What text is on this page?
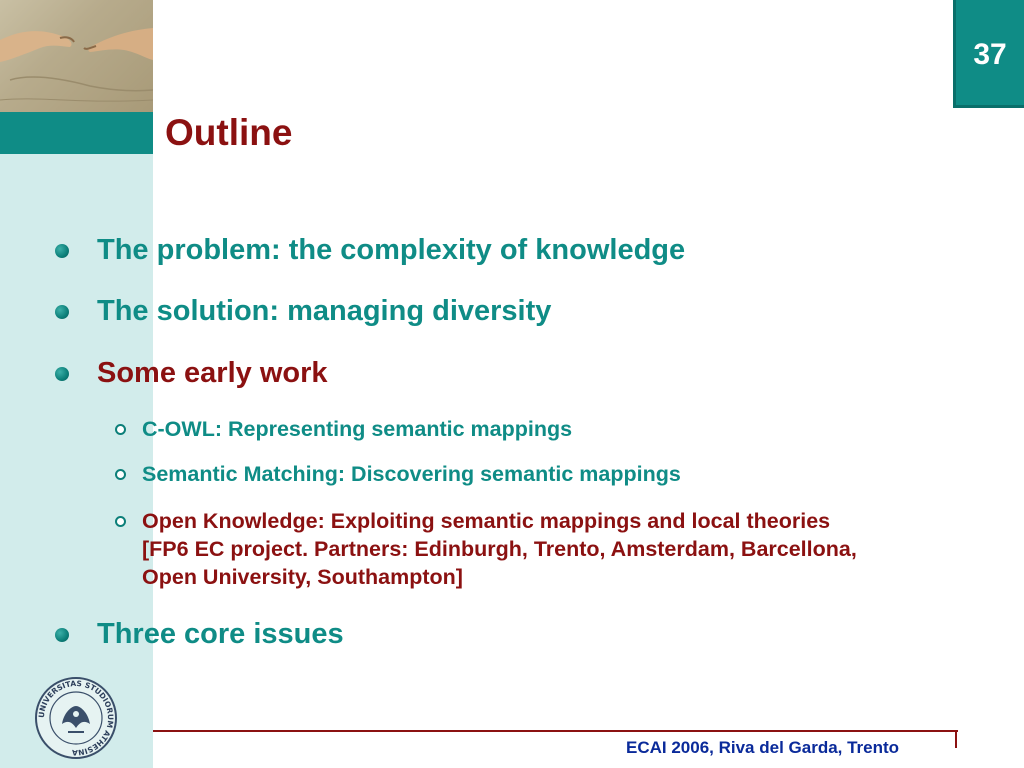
37
Outline
The problem: the complexity of knowledge
The solution: managing diversity
Some early work
C-OWL: Representing semantic mappings
Semantic Matching: Discovering semantic mappings
Open Knowledge: Exploiting semantic mappings and local theories [FP6 EC project. Partners: Edinburgh, Trento, Amsterdam, Barcellona, Open University, Southampton]
Three core issues
UNIVERSITAS STUDIORUM ATHESINA	ECAI 2006, Riva del Garda, Trento
